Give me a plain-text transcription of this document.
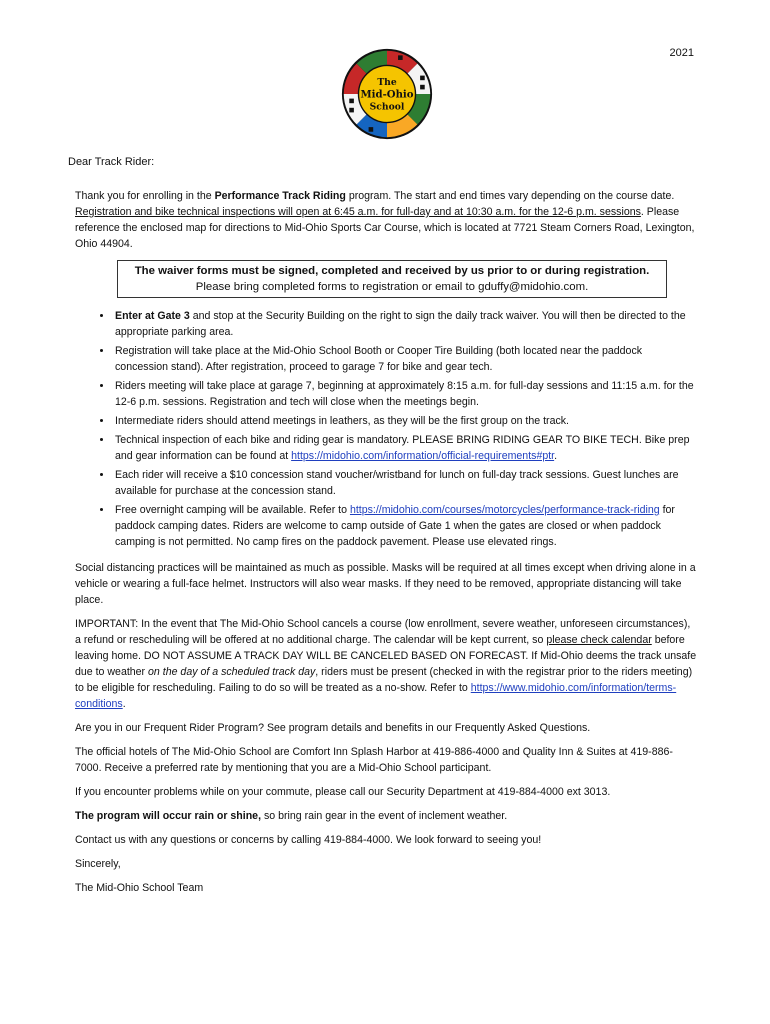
2021
The
Mid-Ohio
School
Dear Track Rider:

Thank you for enrolling in the Performance Track Riding program. The start and end times vary depending on the course date. Registration and bike technical inspections will open at 6:45 a.m. for full-day and at 10:30 a.m. for the 12-6 p.m. sessions. Please reference the enclosed map for directions to Mid-Ohio Sports Car Course, which is located at 7721 Steam Corners Road, Lexington, Ohio 44904.

The waiver forms must be signed, completed and received by us prior to or during registration.
Please bring completed forms to registration or email to gduffy@midohio.com.
• Enter at Gate 3 and stop at the Security Building on the right to sign the daily track waiver. You will then be directed to the appropriate parking area.
• Registration will take place at the Mid-Ohio School Booth or Cooper Tire Building (both located near the paddock concession stand). After registration, proceed to garage 7 for bike and gear tech.
• Riders meeting will take place at garage 7, beginning at approximately 8:15 a.m. for full-day sessions and 11:15 a.m. for the 12-6 p.m. sessions. Registration and tech will close when the meetings begin.
• Intermediate riders should attend meetings in leathers, as they will be the first group on the track.
• Technical inspection of each bike and riding gear is mandatory. PLEASE BRING RIDING GEAR TO BIKE TECH. Bike prep and gear information can be found at https://midohio.com/information/official-requirements#ptr.
• Each rider will receive a $10 concession stand voucher/wristband for lunch on full-day track sessions. Guest lunches are available for purchase at the concession stand.
• Free overnight camping will be available. Refer to https://midohio.com/courses/motorcycles/performance-track-riding for paddock camping dates. Riders are welcome to camp outside of Gate 1 when the gates are closed or when paddock camping is not permitted. No camp fires on the paddock pavement. Please use elevated rings.

Social distancing practices will be maintained as much as possible. Masks will be required at all times except when driving alone in a vehicle or wearing a full-face helmet. Instructors will also wear masks. If they need to be removed, appropriate distancing will take place.

IMPORTANT: In the event that The Mid-Ohio School cancels a course (low enrollment, severe weather, unforeseen circumstances), a refund or rescheduling will be offered at no additional charge. The calendar will be kept current, so please check calendar before leaving home. DO NOT ASSUME A TRACK DAY WILL BE CANCELED BASED ON FORECAST. If Mid-Ohio deems the track unsafe due to weather on the day of a scheduled track day, riders must be present (checked in with the registrar prior to the riders meeting) to be eligible for rescheduling. Failing to do so will be treated as a no-show. Refer to https://www.midohio.com/information/terms-conditions.

Are you in our Frequent Rider Program? See program details and benefits in our Frequently Asked Questions.

The official hotels of The Mid-Ohio School are Comfort Inn Splash Harbor at 419-886-4000 and Quality Inn & Suites at 419-886-7000. Receive a preferred rate by mentioning that you are a Mid-Ohio School participant.

If you encounter problems while on your commute, please call our Security Department at 419-884-4000 ext 3013.

The program will occur rain or shine, so bring rain gear in the event of inclement weather.

Contact us with any questions or concerns by calling 419-884-4000. We look forward to seeing you!

Sincerely,

The Mid-Ohio School Team
